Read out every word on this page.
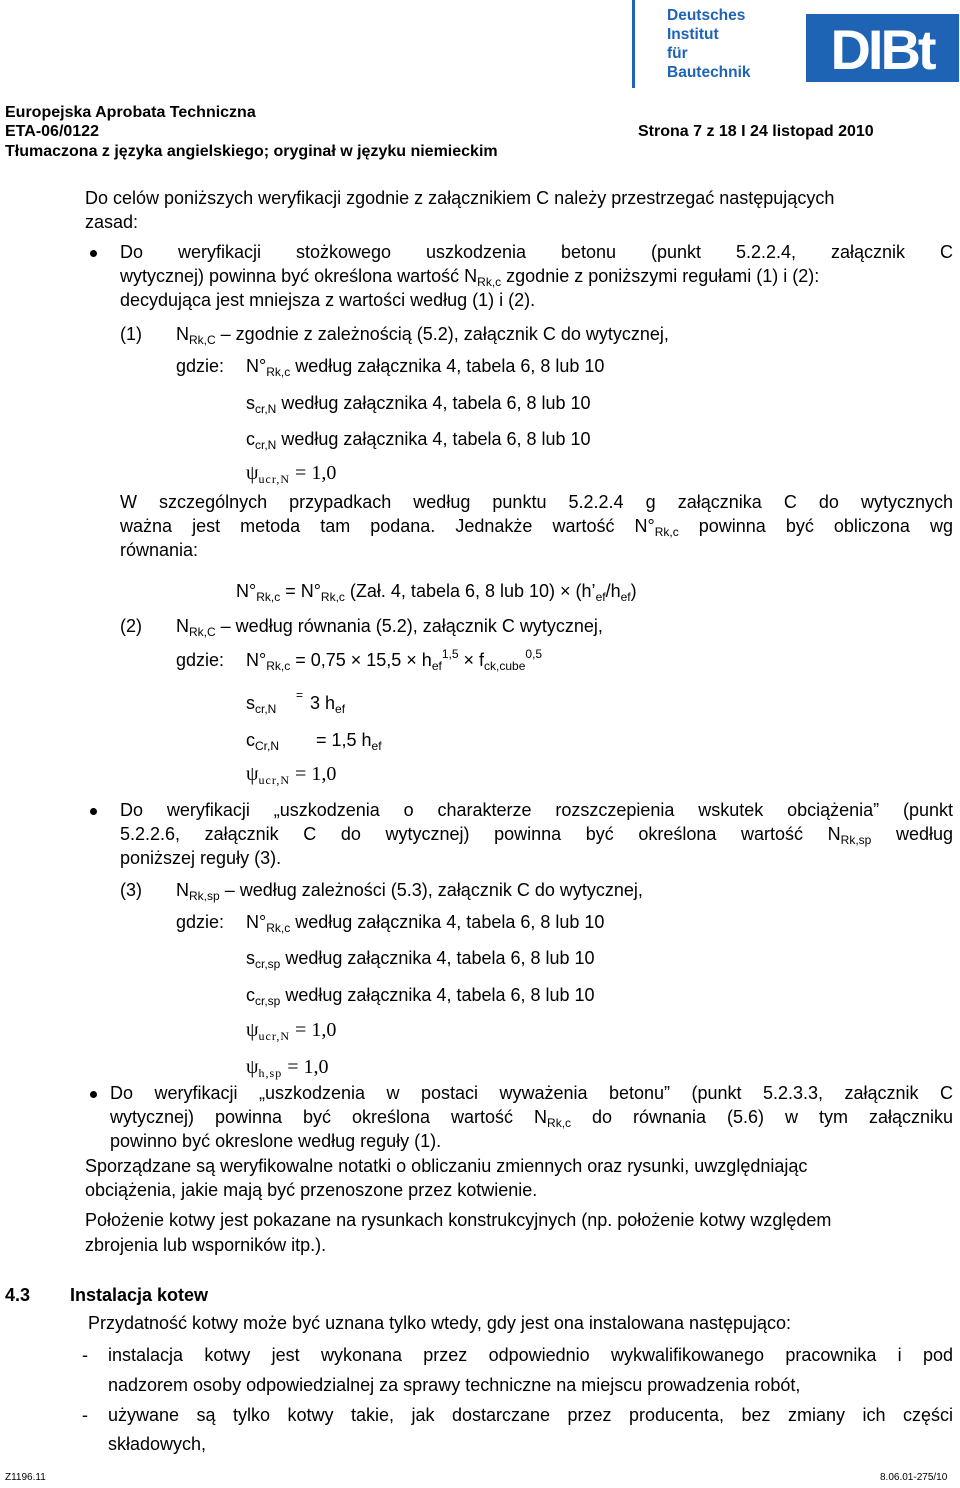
Deutsches
Institut
für
Bautechnik DIBt
Europejska Aprobata Techniczna
ETA-06/0122	Strona 7 z 18 I 24 listopad 2010
Tłumaczona z języka angielskiego; oryginał w języku niemieckim
Do celów poniższych weryfikacji zgodnie z załącznikiem C należy przestrzegać następujących
zasad:
Do weryfikacji stożkowego uszkodzenia betonu (punkt 5.2.2.4, załącznik C
wytycznej) powinna być określona wartość $N_{Rk,c}$ zgodnie z poniższymi regułami (1) i (2):
decydująca jest mniejsza z wartości według (1) i (2).
(1) $N_{Rk,C}$ – zgodnie z zależnością (5.2), załącznik C do wytycznej,
gdzie: $N^\circ_{Rk,c}$ według załącznika 4, tabela 6, 8 lub 10
$s_{cr,N}$ według załącznika 4, tabela 6, 8 lub 10
$c_{cr,N}$ według załącznika 4, tabela 6, 8 lub 10
$\psi_{ucr,N} = 1,0$
W szczególnych przypadkach według punktu 5.2.2.4 g załącznika C do wytycznych
ważna jest metoda tam podana. Jednakże wartość $N^\circ_{Rk,c}$ powinna być obliczona wg
równania:
$N^\circ_{Rk,c} = N^\circ_{Rk,c}$ (Zał. 4, tabela 6, 8 lub $10) \times (h’_{ef}/h_{ef})$
(2) $N_{Rk,C}$ – według równania (5.2), załącznik C wytycznej,
gdzie: $N^\circ_{Rk,c} = 0,75 \times 15,5 \times h_{ef}^{1,5} \times f_{ck,cube}^{0,5}$
$s_{cr,N}$
= 3 $h_{ef}$
$c_{Cr,N} = 1,5$ $h_{ef}$
$\psi_{ucr,N} = 1,0$
Do weryfikacji „uszkodzenia o charakterze rozszczepienia wskutek obciążenia” (punkt
5.2.2.6, załącznik C do wytycznej) powinna być określona wartość $N_{Rk,sp}$ według
poniższej reguły (3).
(3) $N_{Rk,sp}$ – według zależności (5.3), załącznik C do wytycznej,
gdzie: $N^\circ_{Rk,c}$ według załącznika 4, tabela 6, 8 lub 10
$s_{cr,sp}$ według załącznika 4, tabela 6, 8 lub 10
$c_{cr,sp}$ według załącznika 4, tabela 6, 8 lub 10
$\psi_{ucr,N} = 1,0$
$\psi_{h,sp} = 1,0$
Do weryfikacji „uszkodzenia w postaci wyważenia betonu” (punkt 5.2.3.3, załącznik C
wytycznej) powinna być określona wartość $N_{Rk,c}$ do równania (5.6) w tym załączniku
powinno być okreslone według reguły (1).
Sporządzane są weryfikowalne notatki o obliczaniu zmiennych oraz rysunki, uwzględniając
obciążenia, jakie mają być przenoszone przez kotwienie.
Położenie kotwy jest pokazane na rysunkach konstrukcyjnych (np. położenie kotwy względem
zbrojenia lub wsporników itp.).
4.3 Instalacja kotew
Przydatność kotwy może być uznana tylko wtedy, gdy jest ona instalowana następująco:
- instalacja kotwy jest wykonana przez odpowiednio wykwalifikowanego pracownika i pod
nadzorem osoby odpowiedzialnej za sprawy techniczne na miejscu prowadzenia robót,
- używane są tylko kotwy takie, jak dostarczane przez producenta, bez zmiany ich części
składowych,
Z1196.11	8.06.01-275/10
